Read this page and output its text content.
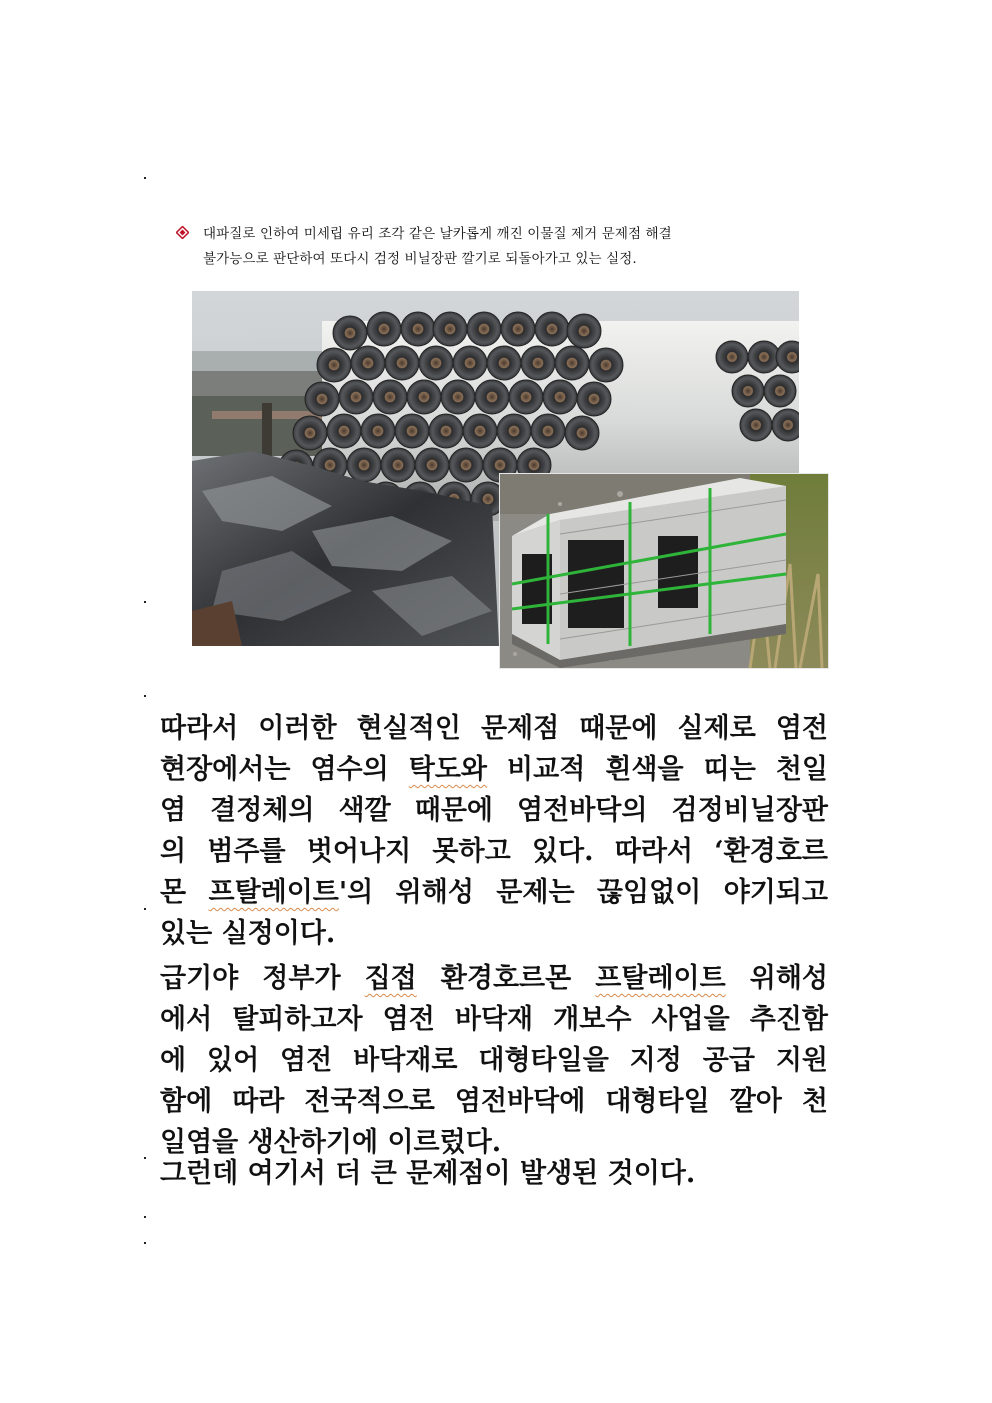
대파질로 인하여 미세립 유리 조각 같은 날카롭게 깨진 이물질 제거 문제점 해결
불가능으로 판단하여 또다시 검정 비닐장판 깔기로 되돌아가고 있는 실정.
따라서 이러한 현실적인 문제점 때문에 실제로 염전
현장에서는 염수의 탁도와 비교적 흰색을 띠는 천일
염 결정체의 색깔 때문에 염전바닥의 검정비닐장판
의 범주를 벗어나지 못하고 있다. 따라서 ‘환경호르
몬 프탈레이트'의 위해성 문제는 끊임없이 야기되고
있는 실정이다.
급기야 정부가 집접 환경호르몬 프탈레이트 위해성
에서 탈피하고자 염전 바닥재 개보수 사업을 추진함
에 있어 염전 바닥재로 대형타일을 지정 공급 지원
함에 따라 전국적으로 염전바닥에 대형타일 깔아 천
일염을 생산하기에 이르렀다.
그런데 여기서 더 큰 문제점이 발생된 것이다.
